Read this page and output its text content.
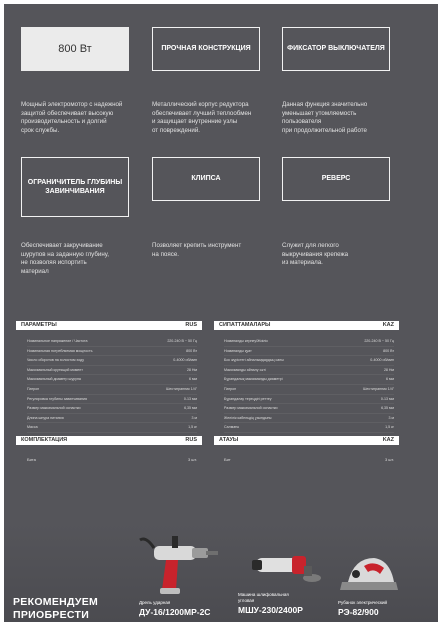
800 Вт	ПРОЧНАЯ КОНСТРУКЦИЯ	ФИКСАТОР ВЫКЛЮЧАТЕЛЯ
Мощный электромотор с надежной
защитой обеспечивает высокую
производительность и долгий
срок службы.
Металлический корпус редуктора
обеспечивает лучший теплообмен
и защищает внутренние узлы
от повреждений.
Данная функция значительно
уменьшает утомляемость
пользователя
при продолжительной работе
ОГРАНИЧИТЕЛЬ ГЛУБИНЫ ЗАВИНЧИВАНИЯ
КЛИПСА	РЕВЕРС
Обеспечивает закручивание
шурупов на заданную глубину,
не позволяя испортить
материал
Позволяет крепить инструмент
на поясе.
Служит для легкого
выкручивания крепежа
из материала.
ПАРАМЕТРЫ	RUS
Номинальное напряжение / Частота	220-240 В ~ 50 Гц
Номинальная потребляемая мощность	800 Вт
Число оборотов на холостом ходу	0-4000 об/мин
Максимальный крутящий момент	28 Нм
Максимальный диаметр шурупа	6 мм
Патрон	Шестигранник 1/4"
Регулировка глубины завинчивания	0-13 мм
Размер максимальной оснастки	6,35 мм
Длина шнура питания	3 м
Масса	1,5 кг
СИПАТТАМАЛАРЫ	KAZ
Номиналды кернеу/Жиілік	220-240 В ~ 50 Гц
Номиналды қуат	800 Вт
Бос жүрістегі айналымдардың саны	0-4000 об/мин
Максималды айналу сәті	28 Нм
Бұрандалық максималды диаметрі	6 мм
Патрон	Шестигранник 1/4"
Бұрандалау тереңдігі реттеу	0-13 мм
Размер максимальной оснастки	6,35 мм
Желілік кабельдің ұзындығы	3 м
Салмағы	1,5 кг
КОМПЛЕКТАЦИЯ	RUS
Бита	3 шт.
АТАУЫ	KAZ
Бит	3 шт.
РЕКОМЕНДУЕМ
ПРИОБРЕСТИ
Дрель ударная
ДУ-16/1200МР-2С
Машина шлифовальная угловая
МШУ-230/2400Р
Рубанок электрический
РЭ-82/900
